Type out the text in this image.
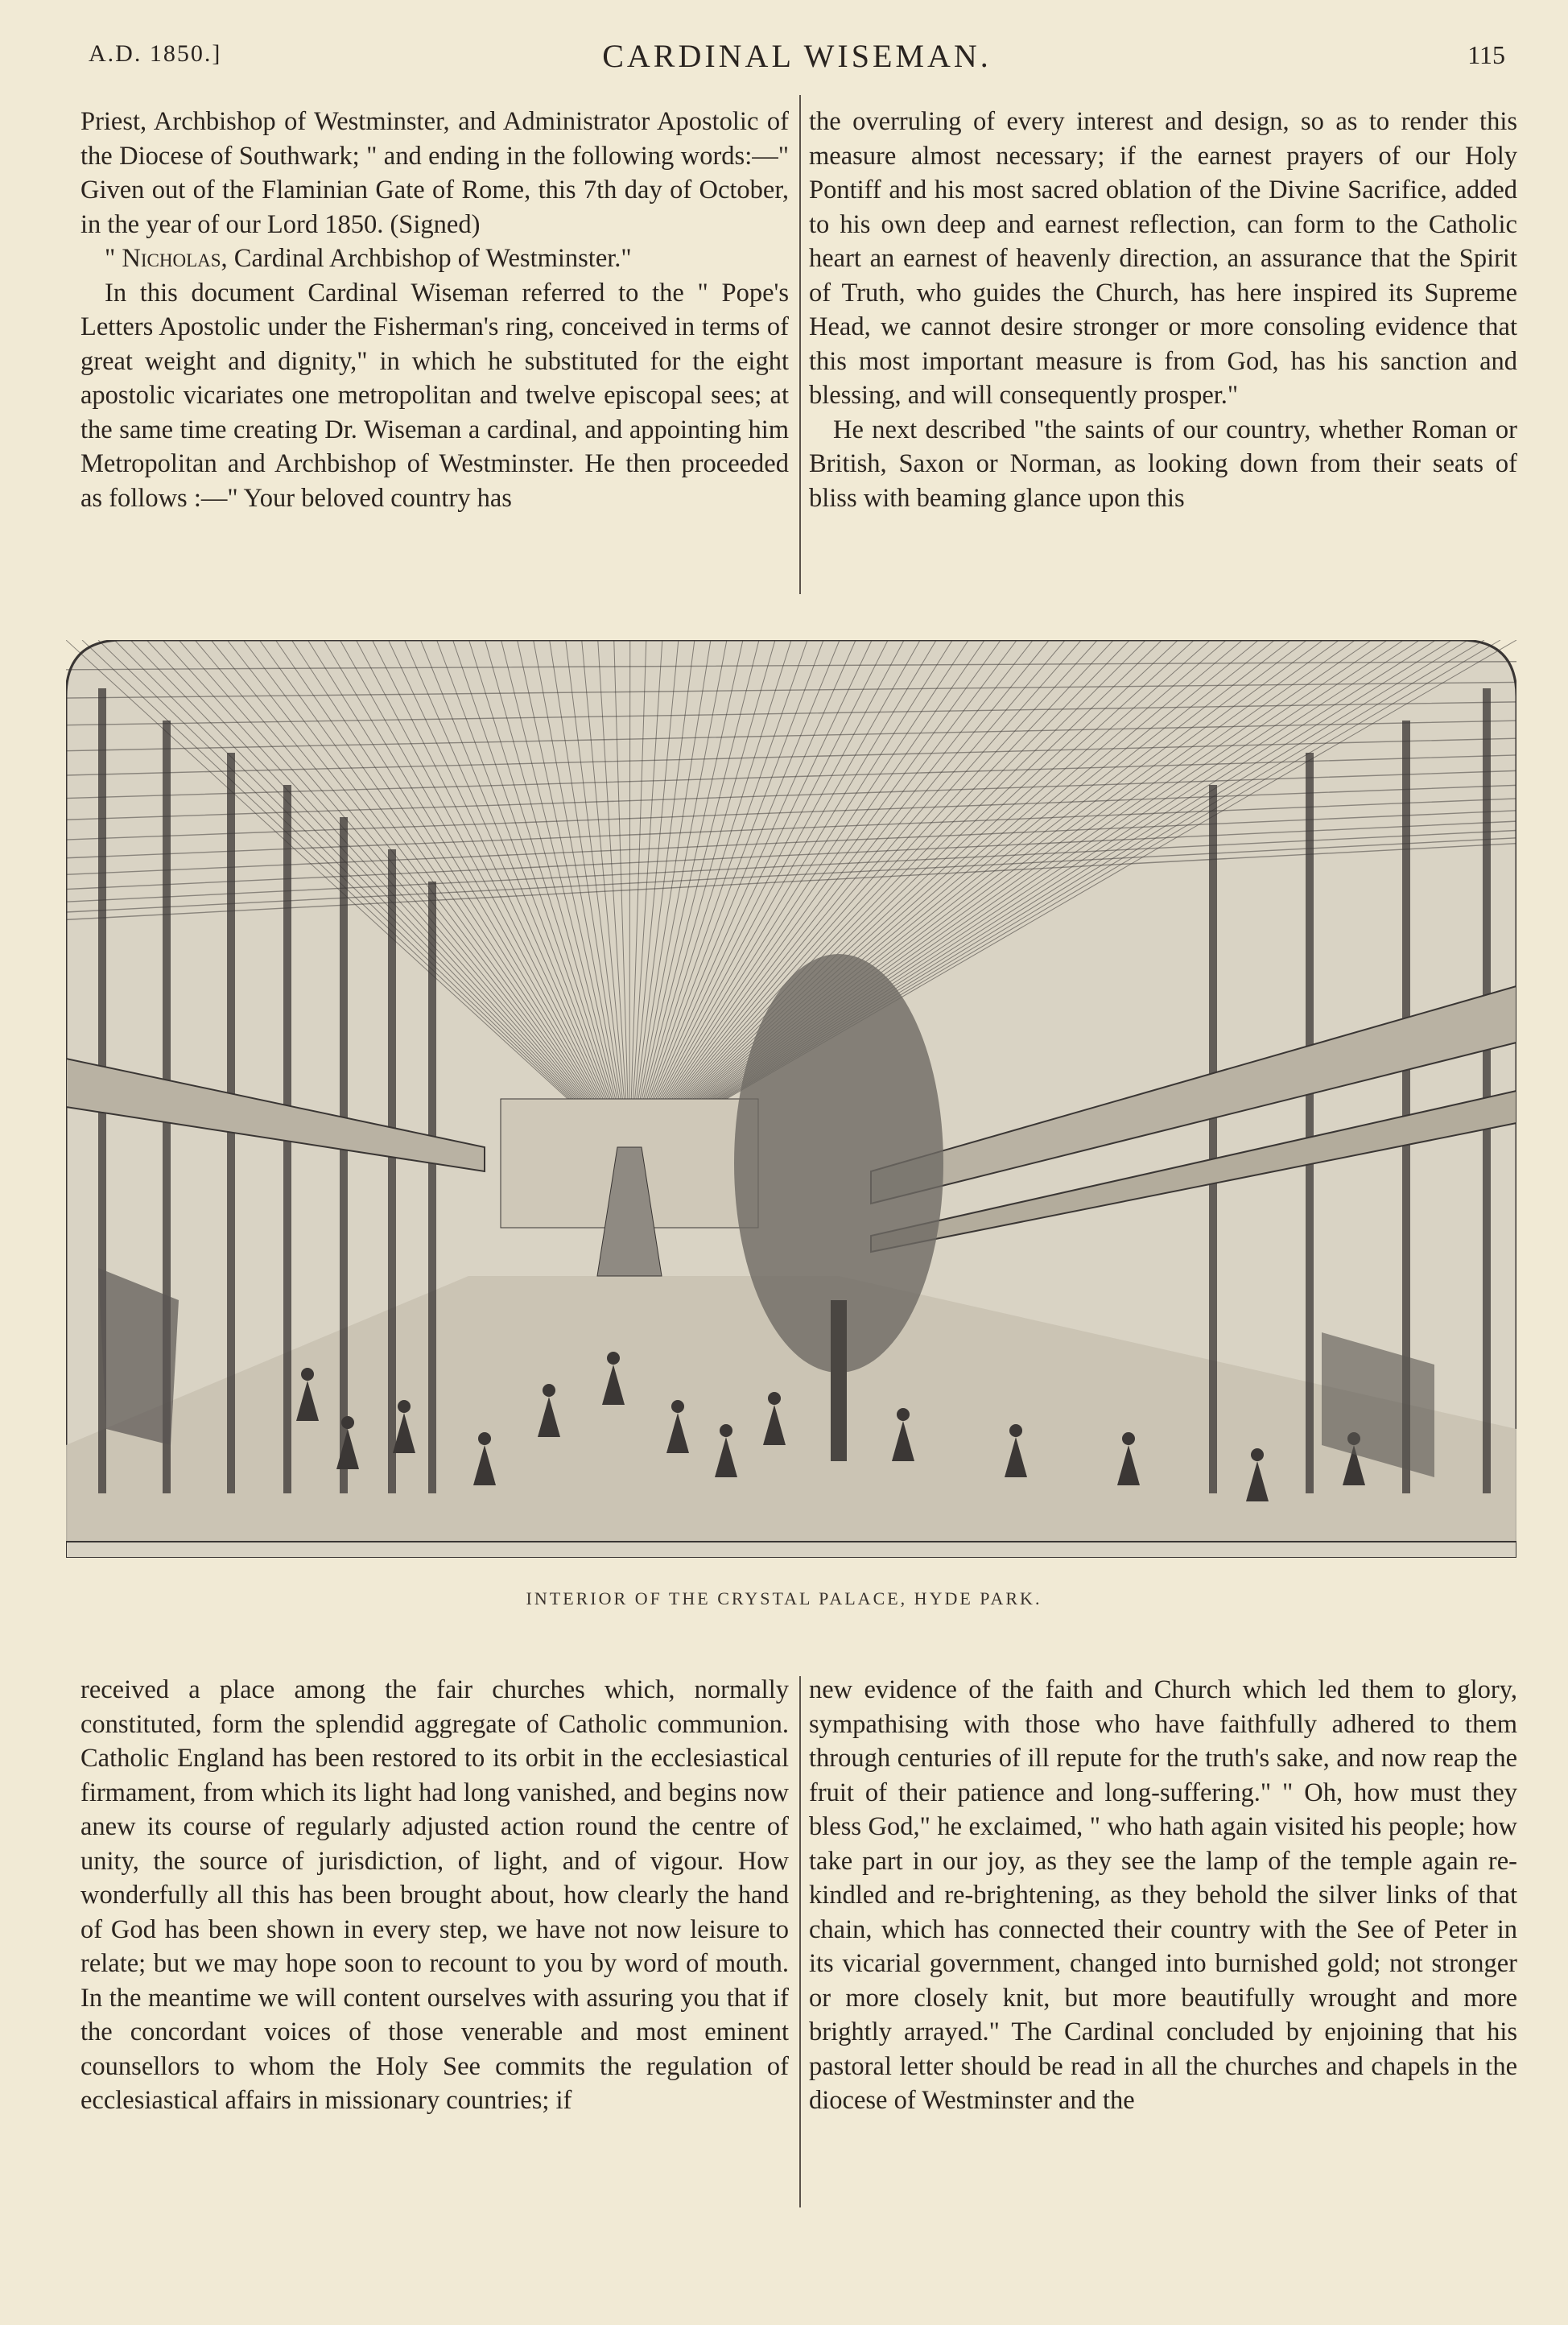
A.D. 1850.]	CARDINAL WISEMAN.	115

Priest, Archbishop of Westminster, and Administrator Apostolic of the Diocese of Southwark; " and ending in the following words:—" Given out of the Flaminian Gate of Rome, this 7th day of October, in the year of our Lord 1850. (Signed)

" Nicholas, Cardinal Archbishop of Westminster."

In this document Cardinal Wiseman referred to the " Pope's Letters Apostolic under the Fisherman's ring, conceived in terms of great weight and dignity," in which he substituted for the eight apostolic vicariates one metropolitan and twelve episcopal sees; at the same time creating Dr. Wiseman a cardinal, and appointing him Metropolitan and Archbishop of Westminster. He then proceeded as follows :—" Your beloved country has

the overruling of every interest and design, so as to render this measure almost necessary; if the earnest prayers of our Holy Pontiff and his most sacred oblation of the Divine Sacrifice, added to his own deep and earnest reflection, can form to the Catholic heart an earnest of heavenly direction, an assurance that the Spirit of Truth, who guides the Church, has here inspired its Supreme Head, we cannot desire stronger or more consoling evidence that this most important measure is from God, has his sanction and blessing, and will consequently prosper."

He next described "the saints of our country, whether Roman or British, Saxon or Norman, as looking down from their seats of bliss with beaming glance upon this

INTERIOR OF THE CRYSTAL PALACE, HYDE PARK.

received a place among the fair churches which, normally constituted, form the splendid aggregate of Catholic communion. Catholic England has been restored to its orbit in the ecclesiastical firmament, from which its light had long vanished, and begins now anew its course of regularly adjusted action round the centre of unity, the source of jurisdiction, of light, and of vigour. How wonderfully all this has been brought about, how clearly the hand of God has been shown in every step, we have not now leisure to relate; but we may hope soon to recount to you by word of mouth. In the meantime we will content ourselves with assuring you that if the concordant voices of those venerable and most eminent counsellors to whom the Holy See commits the regulation of ecclesiastical affairs in missionary countries; if

new evidence of the faith and Church which led them to glory, sympathising with those who have faithfully adhered to them through centuries of ill repute for the truth's sake, and now reap the fruit of their patience and long-suffering." " Oh, how must they bless God," he exclaimed, " who hath again visited his people; how take part in our joy, as they see the lamp of the temple again re-kindled and re-brightening, as they behold the silver links of that chain, which has connected their country with the See of Peter in its vicarial government, changed into burnished gold; not stronger or more closely knit, but more beautifully wrought and more brightly arrayed." The Cardinal concluded by enjoining that his pastoral letter should be read in all the churches and chapels in the diocese of Westminster and the
